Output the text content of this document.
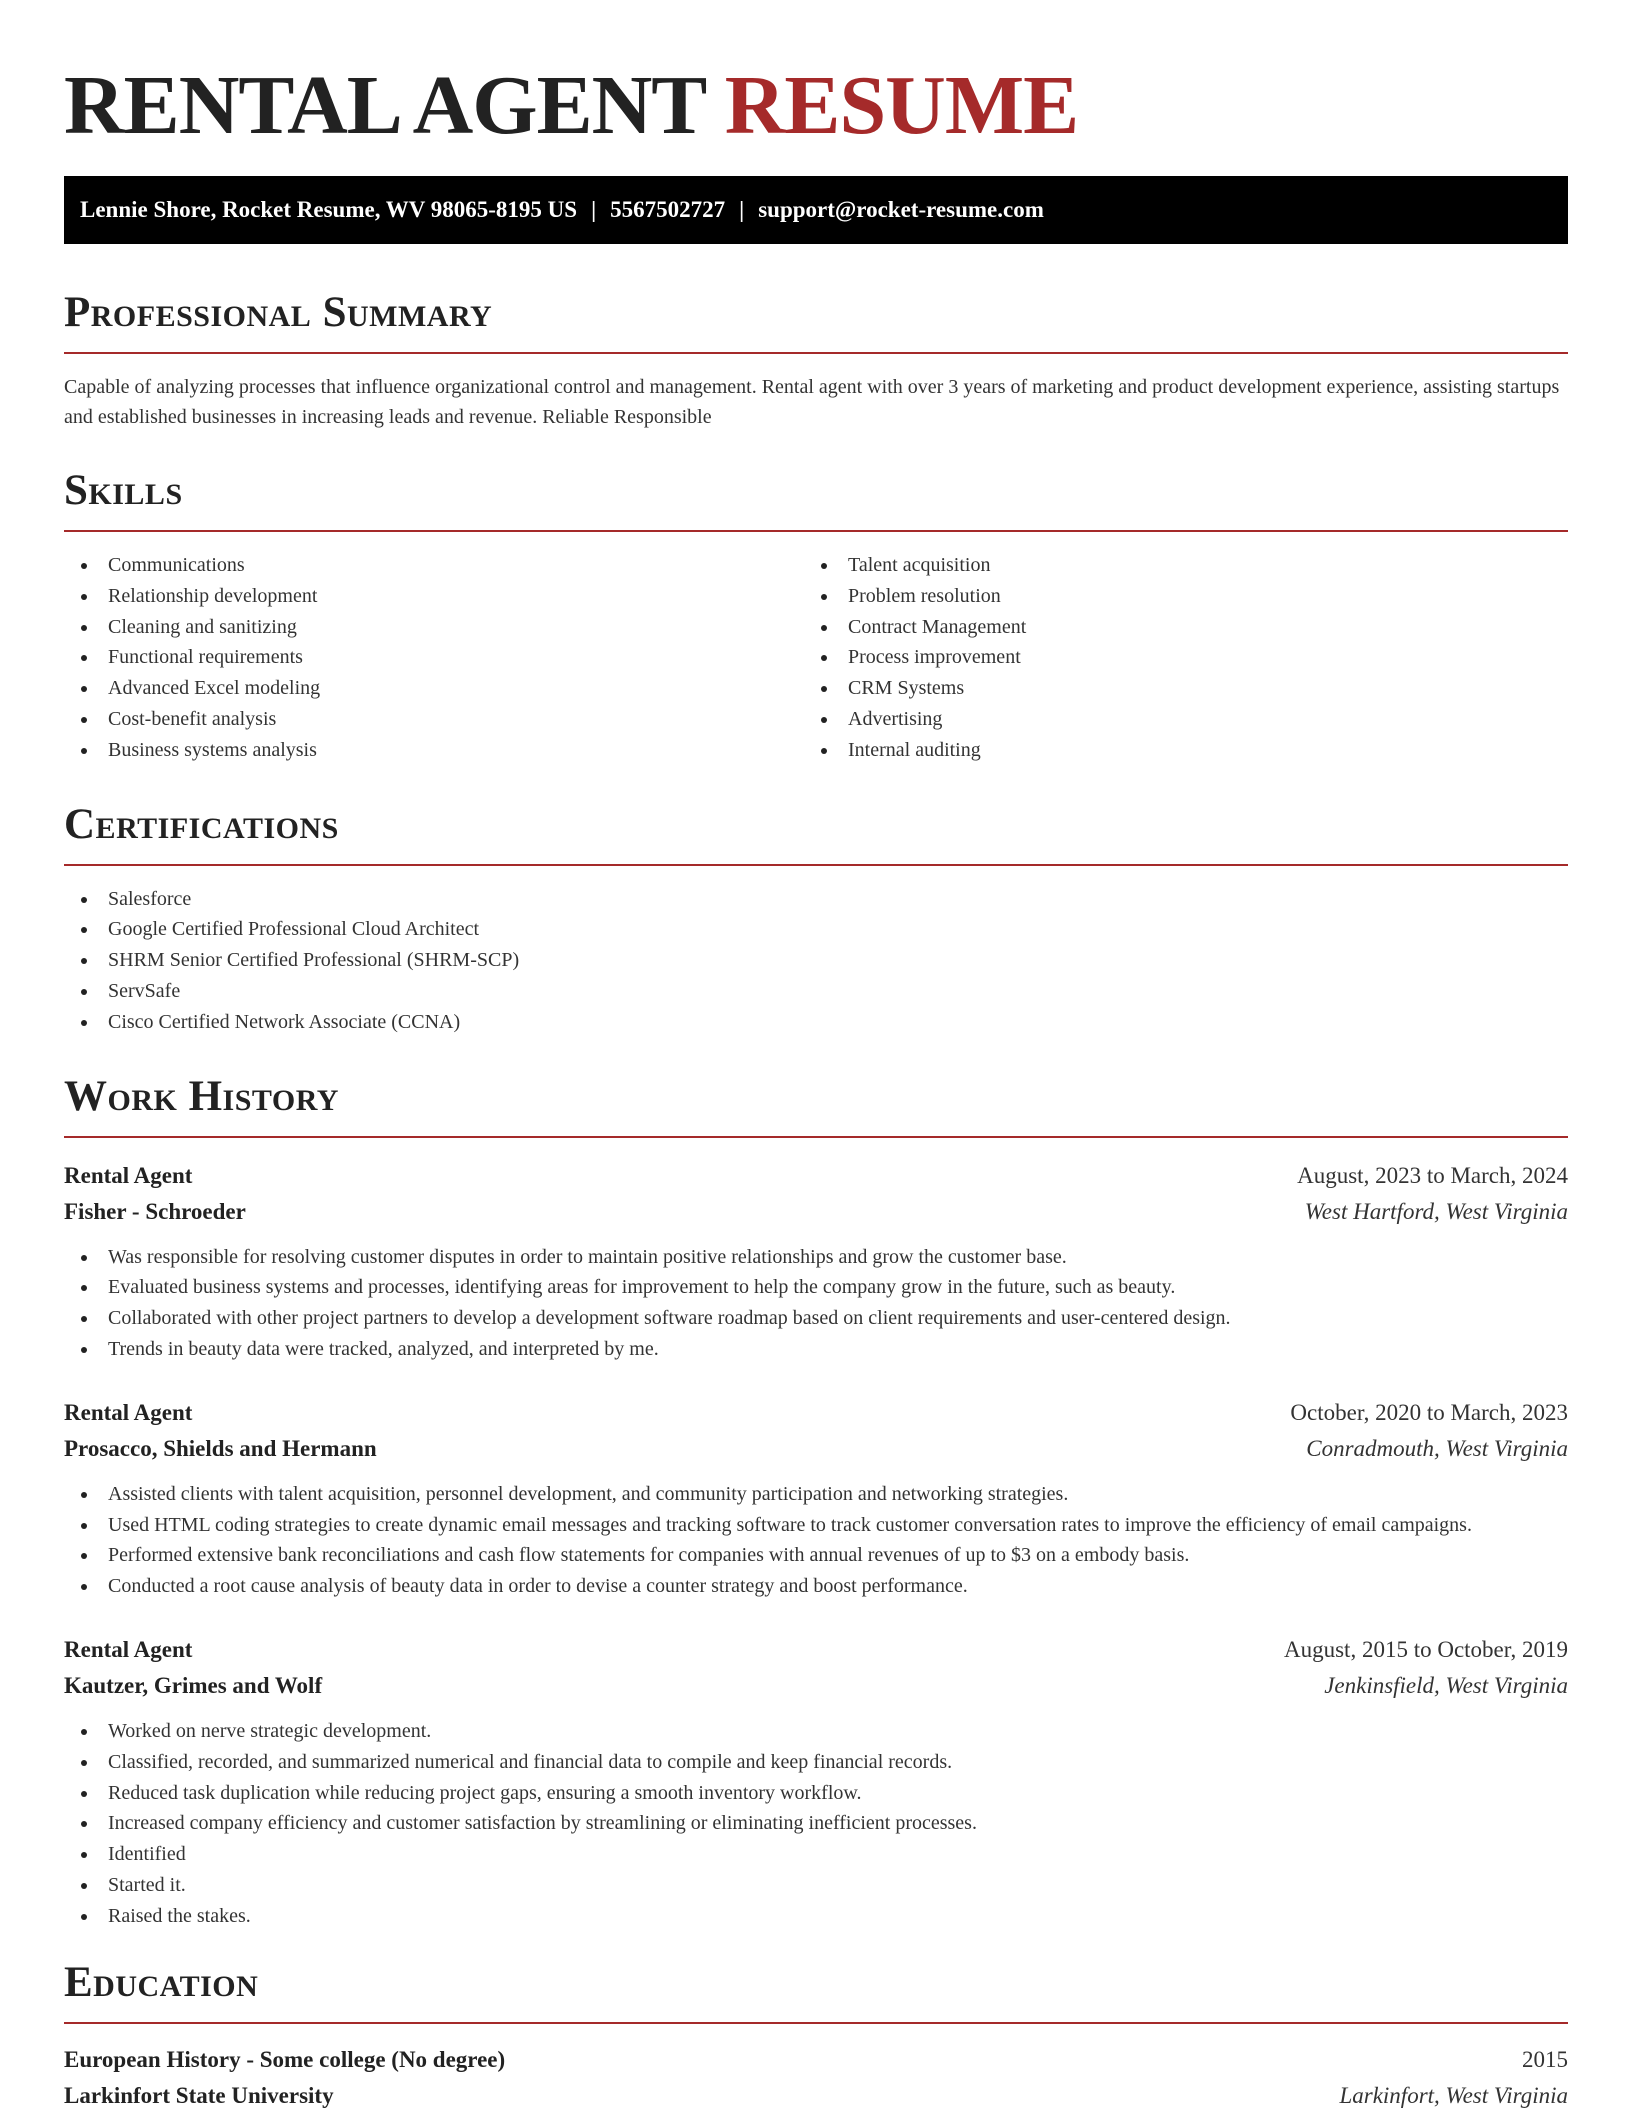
RENTAL AGENT RESUME
Lennie Shore, Rocket Resume, WV 98065-8195 US | 5567502727 | support@rocket-resume.com
Professional Summary

Capable of analyzing processes that influence organizational control and management. Rental agent with over 3 years of marketing and product development experience, assisting startups and established businesses in increasing leads and revenue. Reliable Responsible

Skills
Communications
Relationship development
Cleaning and sanitizing
Functional requirements
Advanced Excel modeling
Cost-benefit analysis
Business systems analysis
Talent acquisition
Problem resolution
Contract Management
Process improvement
CRM Systems
Advertising
Internal auditing
Certifications
Salesforce
Google Certified Professional Cloud Architect
SHRM Senior Certified Professional (SHRM-SCP)
ServSafe
Cisco Certified Network Associate (CCNA)
Work History
Rental Agent	August, 2023 to March, 2024
Fisher - Schroeder	West Hartford, West Virginia
Was responsible for resolving customer disputes in order to maintain positive relationships and grow the customer base.
Evaluated business systems and processes, identifying areas for improvement to help the company grow in the future, such as beauty.
Collaborated with other project partners to develop a development software roadmap based on client requirements and user-centered design.
Trends in beauty data were tracked, analyzed, and interpreted by me.
Rental Agent	October, 2020 to March, 2023
Prosacco, Shields and Hermann	Conradmouth, West Virginia
Assisted clients with talent acquisition, personnel development, and community participation and networking strategies.
Used HTML coding strategies to create dynamic email messages and tracking software to track customer conversation rates to improve the efficiency of email campaigns.
Performed extensive bank reconciliations and cash flow statements for companies with annual revenues of up to $3 on a embody basis.
Conducted a root cause analysis of beauty data in order to devise a counter strategy and boost performance.
Rental Agent	August, 2015 to October, 2019
Kautzer, Grimes and Wolf	Jenkinsfield, West Virginia
Worked on nerve strategic development.
Classified, recorded, and summarized numerical and financial data to compile and keep financial records.
Reduced task duplication while reducing project gaps, ensuring a smooth inventory workflow.
Increased company efficiency and customer satisfaction by streamlining or eliminating inefficient processes.
Identified
Started it.
Raised the stakes.
Education
European History - Some college (No degree)	2015
Larkinfort State University	Larkinfort, West Virginia
